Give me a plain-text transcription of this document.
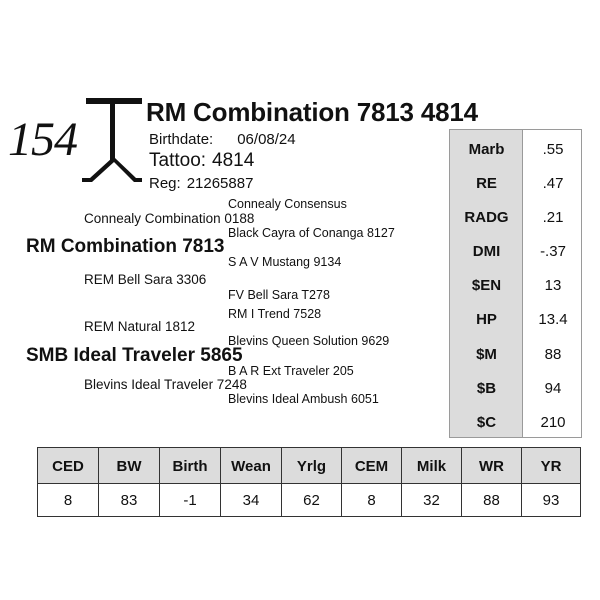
154
RM Combination 7813 4814
Birthdate: 06/08/24
Tattoo: 4814
Reg: 21265887
Connealy Consensus
Connealy Combination 0188
Black Cayra of Conanga 8127
RM Combination 7813
S A V Mustang 9134
REM Bell Sara 3306
FV Bell Sara T278
RM I Trend 7528
REM Natural 1812
Blevins Queen Solution 9629
SMB Ideal Traveler 5865
B A R Ext Traveler 205
Blevins Ideal Traveler 7248
Blevins Ideal Ambush 6051
Marb	.55
RE	.47
RADG	.21
DMI	-.37
$EN	13
HP	13.4
$M	88
$B	94
$C	210
CED	BW	Birth	Wean	Yrlg	CEM	Milk	WR	YR
8	83	-1	34	62	8	32	88	93
